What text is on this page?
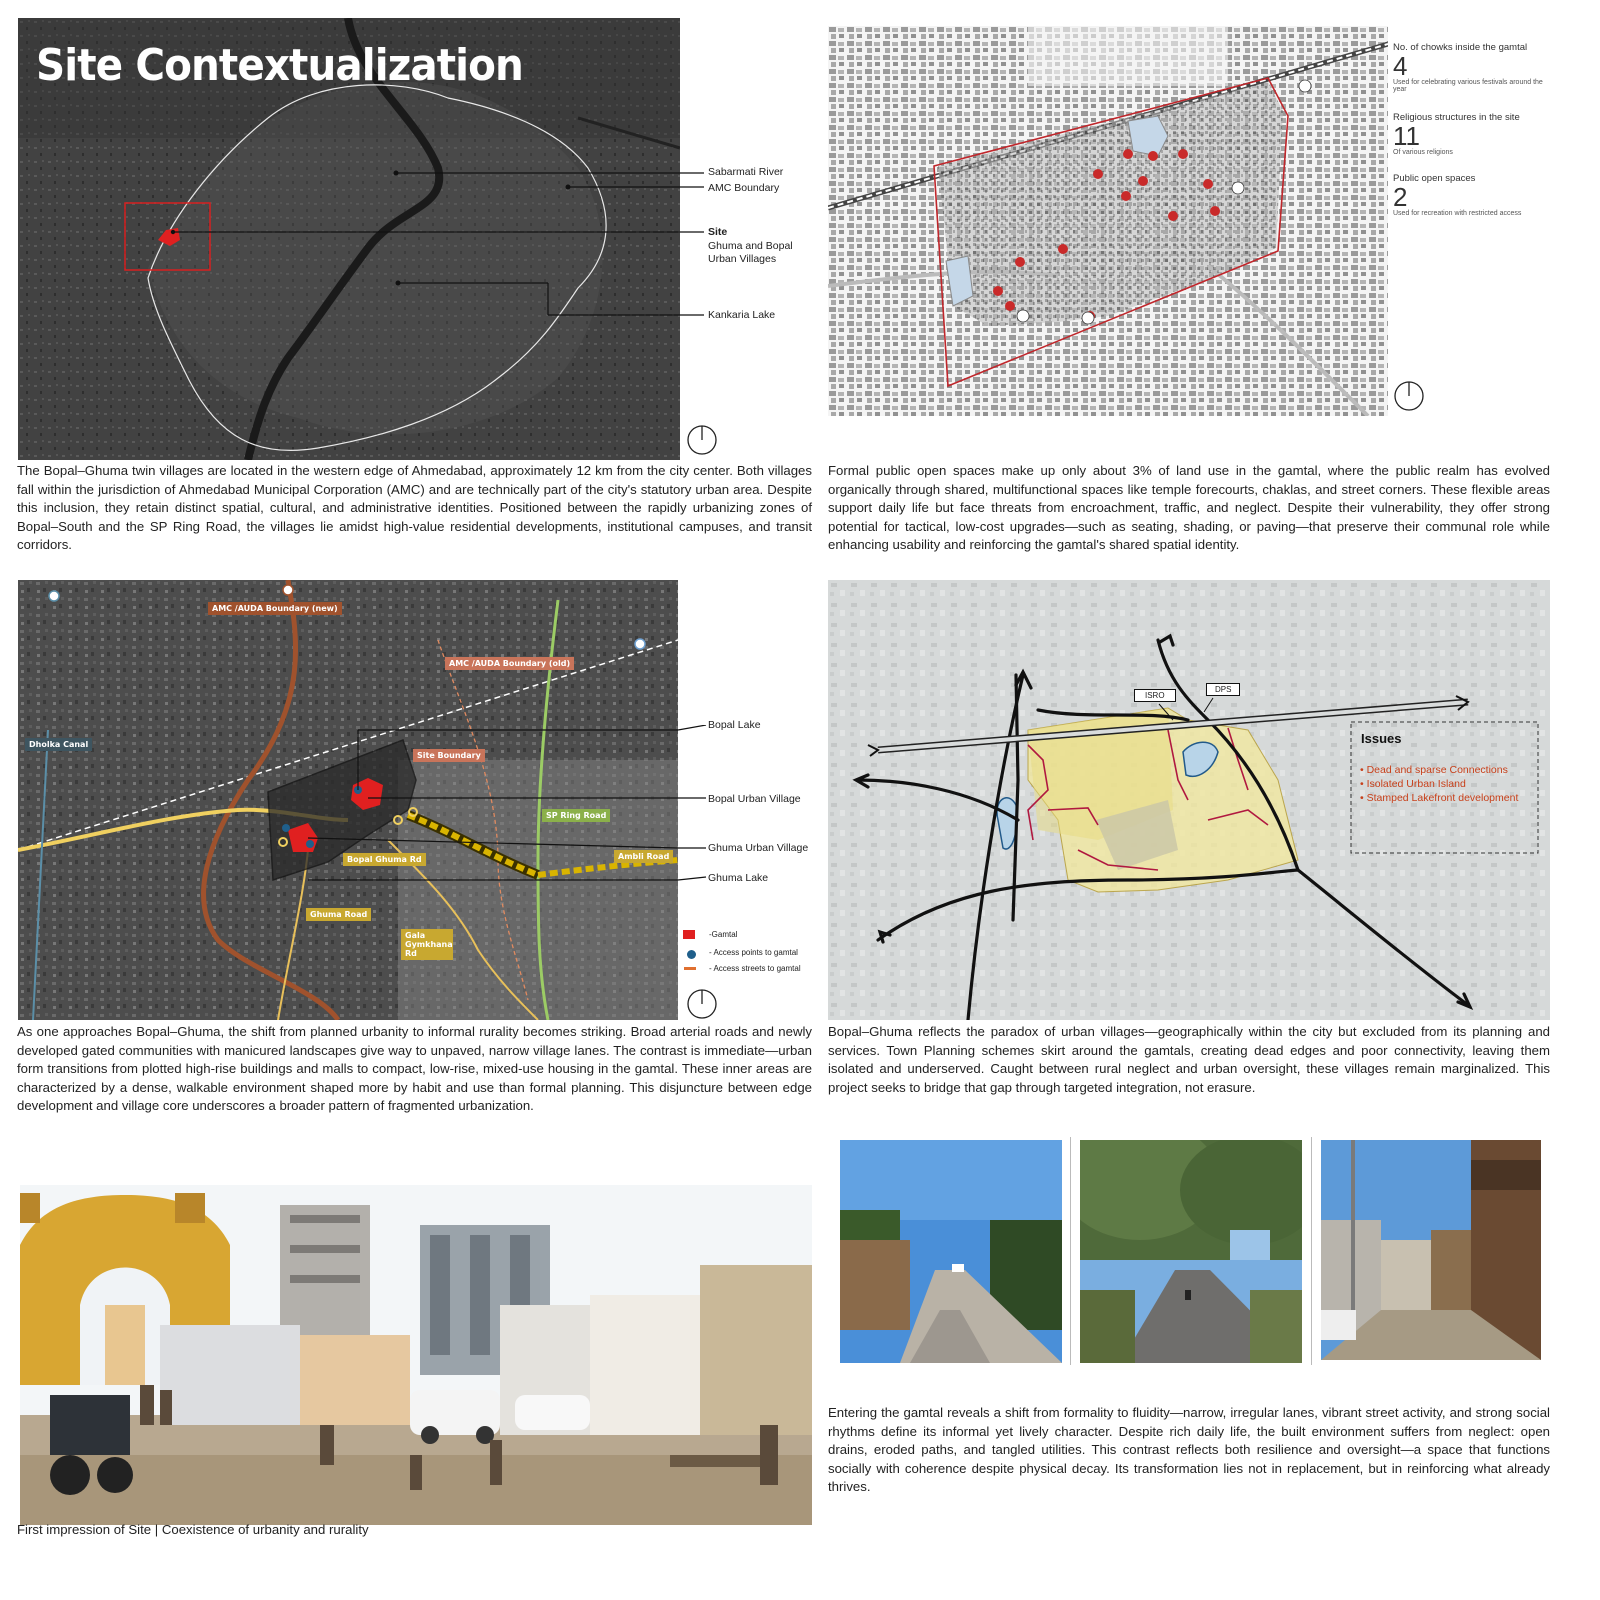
Site Contextualization
Sabarmati River
AMC Boundary
Site
Ghuma and Bopal
Urban Villages
Kankaria Lake
The Bopal–Ghuma twin villages are located in the western edge of Ahmedabad, approximately 12 km from the city center. Both villages fall within the jurisdiction of Ahmedabad Municipal Corporation (AMC) and are technically part of the city's statutory urban area. Despite this inclusion, they retain distinct spatial, cultural, and administrative identities. Positioned between the rapidly urbanizing zones of Bopal–South and the SP Ring Road, the villages lie amidst high-value residential developments, institutional campuses, and transit corridors.
No. of chowks inside the gamtal
4
Used for celebrating various festivals around the year
Religious structures in the site
11
Of various religions
Public open spaces
2
Used for recreation with restricted access
Formal public open spaces make up only about 3% of land use in the gamtal, where the public realm has evolved organically through shared, multifunctional spaces like temple forecourts, chaklas, and street corners. These flexible areas support daily life but face threats from encroachment, traffic, and neglect. Despite their vulnerability, they offer strong potential for tactical, low-cost upgrades—such as seating, shading, or paving—that preserve their communal role while enhancing usability and reinforcing the gamtal's shared spatial identity.
AMC /AUDA Boundary (new)
AMC /AUDA Boundary (old)
Dholka Canal
Site Boundary
SP Ring Road
Ambli Road
Bopal Ghuma Rd
Ghuma Road
Gala Gymkhana Rd
Bopal Lake
Bopal Urban Village
Ghuma Urban Village
Ghuma Lake
-Gamtal
- Access points to gamtal
- Access streets to gamtal
As one approaches Bopal–Ghuma, the shift from planned urbanity to informal rurality becomes striking. Broad arterial roads and newly developed gated communities with manicured landscapes give way to unpaved, narrow village lanes. The contrast is immediate—urban form transitions from plotted high-rise buildings and malls to compact, low-rise, mixed-use housing in the gamtal. These inner areas are characterized by a dense, walkable environment shaped more by habit and use than formal planning. This disjuncture between edge development and village core underscores a broader pattern of fragmented urbanization.
ISRO
DPS
Issues
• Dead and sparse Connections
• Isolated Urban Island
• Stamped Lakefront development
Bopal–Ghuma reflects the paradox of urban villages—geographically within the city but excluded from its planning and services. Town Planning schemes skirt around the gamtals, creating dead edges and poor connectivity, leaving them isolated and underserved. Caught between rural neglect and urban oversight, these villages remain marginalized. This project seeks to bridge that gap through targeted integration, not erasure.
First impression of Site | Coexistence of urbanity and rurality
Entering the gamtal reveals a shift from formality to fluidity—narrow, irregular lanes, vibrant street activity, and strong social rhythms define its informal yet lively character. Despite rich daily life, the built environment suffers from neglect: open drains, eroded paths, and tangled utilities. This contrast reflects both resilience and oversight—a space that functions socially with coherence despite physical decay. Its transformation lies not in replacement, but in reinforcing what already thrives.
